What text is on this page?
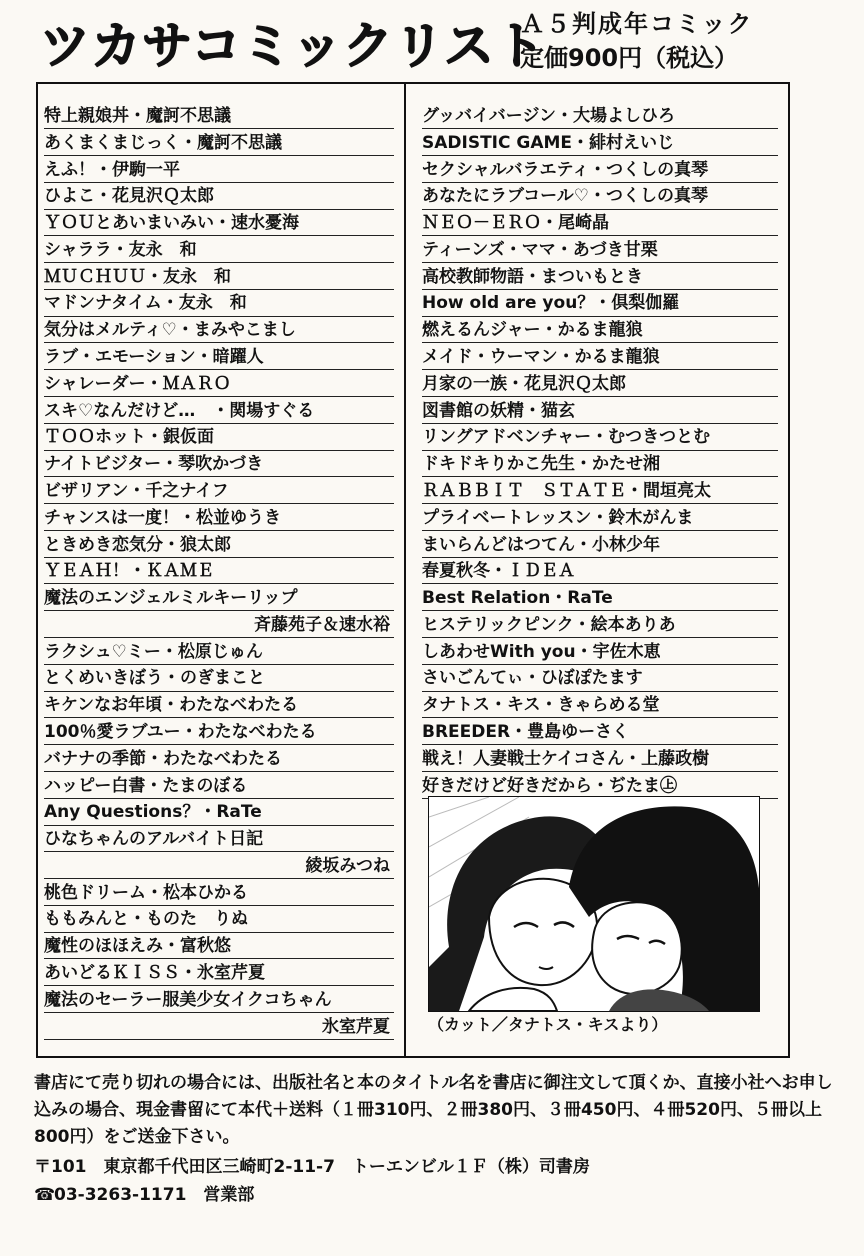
ツカサコミックリスト
Ａ５判成年コミック
定価900円（税込）
特上親娘丼・魔訶不思議
あくまくまじっく・魔訶不思議
えふ！・伊駒一平
ひよこ・花見沢Ｑ太郎
ＹＯＵとあいまいみい・速水憂海
シャララ・友永　和
ＭＵＣＨＵＵ・友永　和
マドンナタイム・友永　和
気分はメルティ♡・まみやこまし
ラブ・エモーション・暗躍人
シャレーダー・ＭＡＲＯ
スキ♡なんだけど…　・関場すぐる
ＴＯＯホット・銀仮面
ナイトビジター・琴吹かづき
ビザリアン・千之ナイフ
チャンスは一度！・松並ゆうき
ときめき恋気分・狼太郎
ＹＥＡＨ！・ＫＡＭＥ
魔法のエンジェルミルキーリップ
斉藤苑子＆速水裕
ラクシュ♡ミー・松原じゅん
とくめいきぼう・のぎまこと
キケンなお年頃・わたなべわたる
100％愛ラブユー・わたなべわたる
バナナの季節・わたなべわたる
ハッピー白書・たまのぼる
Any Questions？・RaTe
ひなちゃんのアルバイト日記
綾坂みつね
桃色ドリーム・松本ひかる
ももみんと・ものた　りぬ
魔性のほほえみ・富秋悠
あいどるＫＩＳＳ・氷室芹夏
魔法のセーラー服美少女イクコちゃん
氷室芹夏
グッバイバージン・大場よしひろ
SADISTIC GAME・緋村えいじ
セクシャルバラエティ・つくしの真琴
あなたにラブコール♡・つくしの真琴
ＮＥＯ－ＥＲＯ・尾崎晶
ティーンズ・ママ・あづき甘栗
高校教師物語・まついもとき
How old are you？・倶梨伽羅
燃えるんジャー・かるま龍狼
メイド・ウーマン・かるま龍狼
月家の一族・花見沢Ｑ太郎
図書館の妖精・猫玄
リングアドベンチャー・むつきつとむ
ドキドキりかこ先生・かたせ湘
ＲＡＢＢＩＴ　ＳＴＡＴＥ・間垣亮太
プライベートレッスン・鈴木がんま
まいらんどはつてん・小林少年
春夏秋冬・ＩＤＥＡ
Best Relation・RaTe
ヒステリックピンク・絵本ありあ
しあわせWith you・宇佐木恵
さいごんてぃ・ひぼぽたます
タナトス・キス・きゃらめる堂
BREEDER・豊島ゆーさく
戦え！人妻戦士ケイコさん・上藤政樹
好きだけど好きだから・ぢたま㊤
（カット／タナトス・キスより）
書店にて売り切れの場合には、出版社名と本のタイトル名を書店に御注文して頂くか、直接小社へお申し込みの場合、現金書留にて本代＋送料（１冊310円、２冊380円、３冊450円、４冊520円、５冊以上800円）をご送金下さい。
〒101　東京都千代田区三崎町2-11-7　トーエンビル１Ｆ（株）司書房
☎03-3263-1171　営業部
